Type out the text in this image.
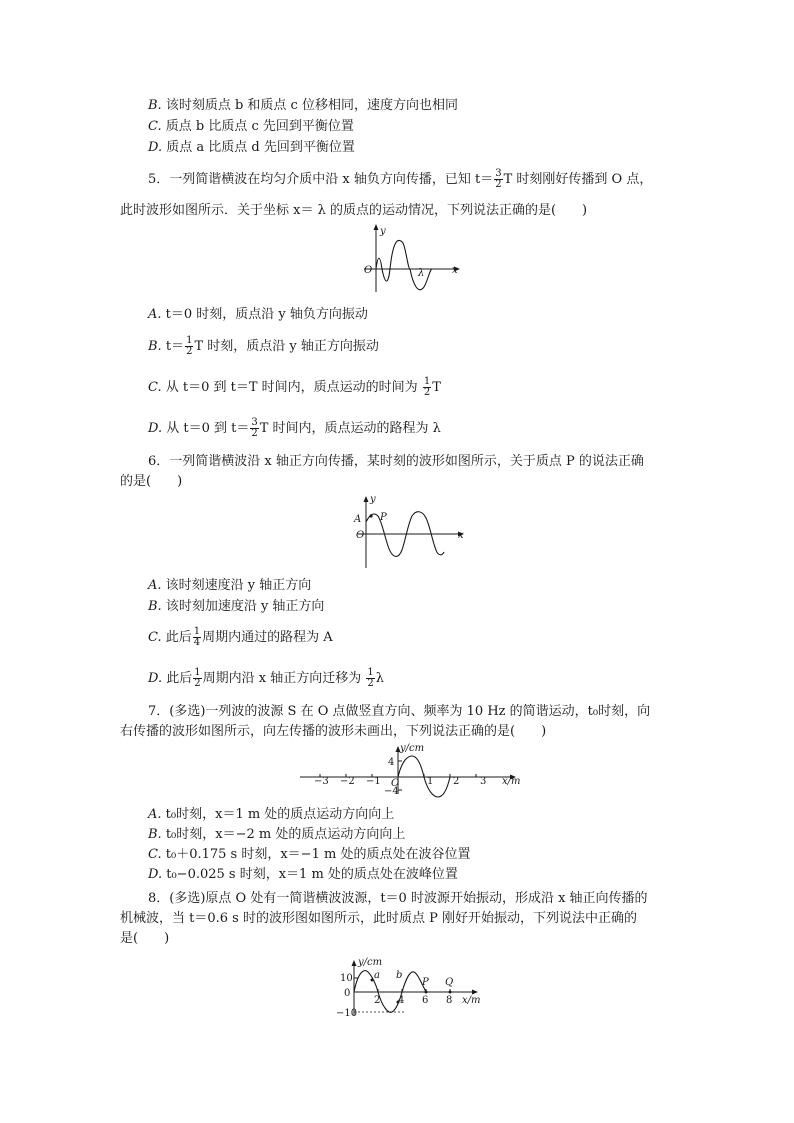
B. 该时刻质点 b 和质点 c 位移相同，速度方向也相同
C. 质点 b 比质点 c 先回到平衡位置
D. 质点 a 比质点 d 先回到平衡位置
5．一列简谐横波在均匀介质中沿 x 轴负方向传播，已知 $t= \frac{3}{2}$ T 时刻刚好传播到 O 点，
此时波形如图所示．关于坐标 x＝ λ 的质点的运动情况，下列说法正确的是(　　)
y
O	λ	x
A. t＝0 时刻，质点沿 y 轴负方向振动
B. $t= \frac{1}{2}$ T 时刻，质点沿 y 轴正方向振动
C. 从 t＝0 到 t＝T 时间内，质点运动的时间为 $\frac{1}{2}$ T
D. 从 t＝0 到 $t= \frac{3}{2}$ T 时间内，质点运动的路程为 λ
6．一列简谐横波沿 x 轴正方向传播，某时刻的波形如图所示，关于质点 P 的说法正确
的是(　　)
y
A P
O	x
A. 该时刻速度沿 y 轴正方向
B. 该时刻加速度沿 y 轴正方向
C. 此后 $\frac{1}{4}$ 周期内通过的路程为 A
D. 此后 $\frac{1}{2}$ 周期内沿 x 轴正方向迁移为 $\frac{1}{2}$ λ
7．(多选)一列波的波源 S 在 O 点做竖直方向、频率为 10 Hz 的简谐运动，t₀时刻，向
右传播的波形如图所示，向左传播的波形未画出，下列说法正确的是(　　)
y/cm
4
−4
O
−3 −2 −1	1 2 3 x/m
A. t₀时刻，x＝1 m 处的质点运动方向向上
B. t₀时刻，x＝−2 m 处的质点运动方向向上
C. t₀＋0.175 s 时刻，x＝−1 m 处的质点处在波谷位置
D. t₀−0.025 s 时刻，x＝1 m 处的质点处在波峰位置
8．(多选)原点 O 处有一简谐横波波源，t＝0 时波源开始振动，形成沿 x 轴正向传播的
机械波，当 t＝0.6 s 时的波形图如图所示，此时质点 P 刚好开始振动，下列说法中正确的
是(　　)
y/cm
10
0
−10
a b
P Q
2 4 6 8 x/m
